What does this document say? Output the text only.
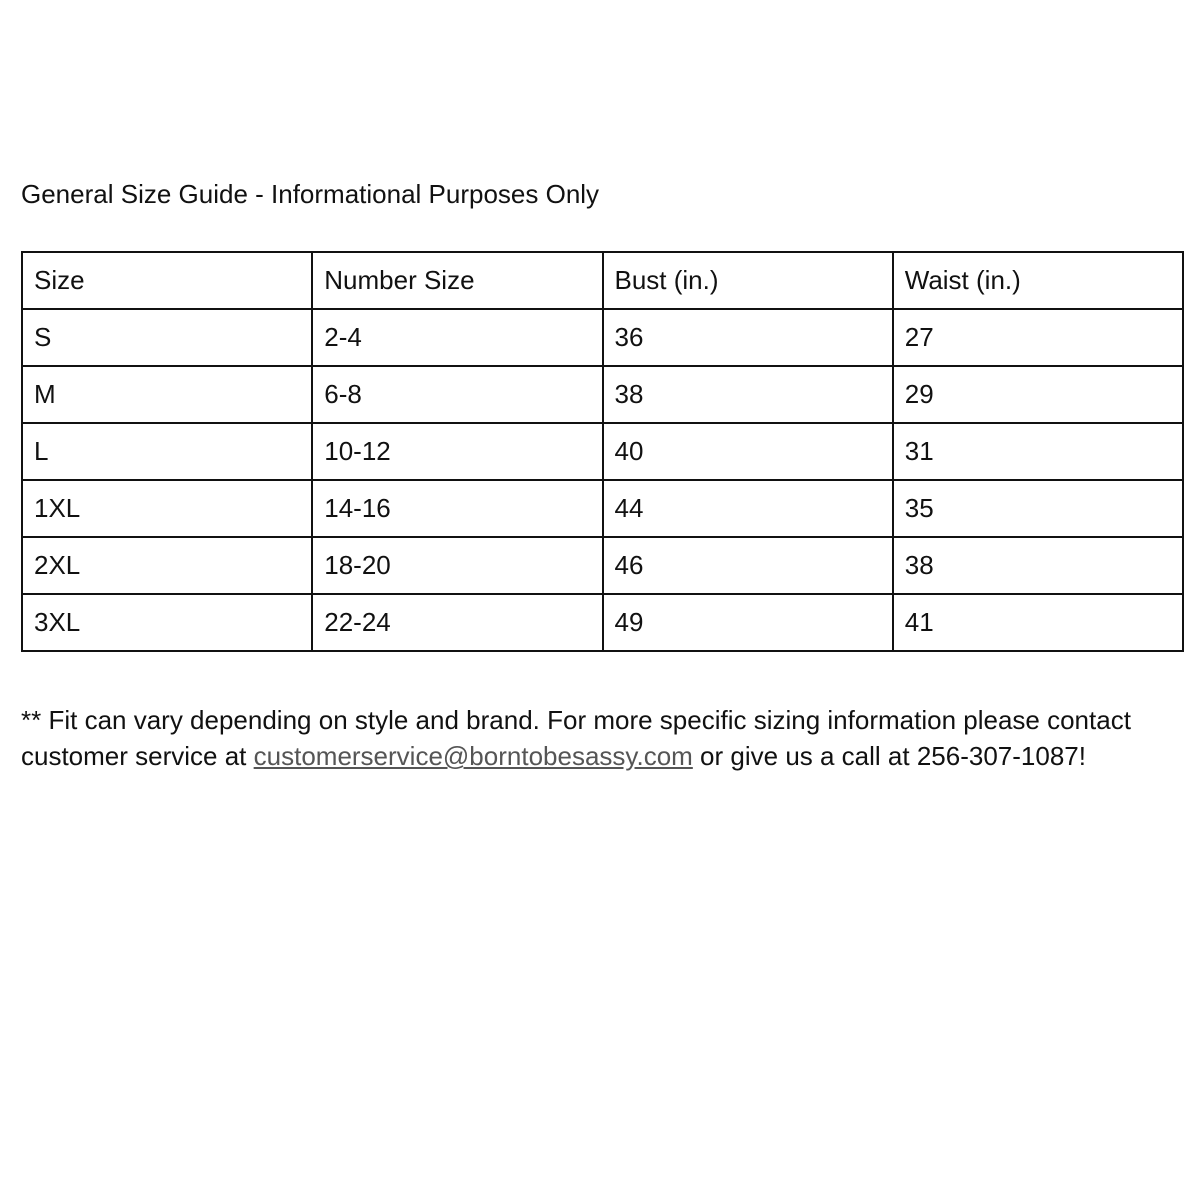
General Size Guide - Informational Purposes Only
Size	Number Size	Bust (in.)	Waist (in.)
S	2-4	36	27
M	6-8	38	29
L	10-12	40	31
1XL	14-16	44	35
2XL	18-20	46	38
3XL	22-24	49	41
** Fit can vary depending on style and brand. For more specific sizing information please contact customer service at customerservice@borntobesassy.com or give us a call at 256-307-1087!
